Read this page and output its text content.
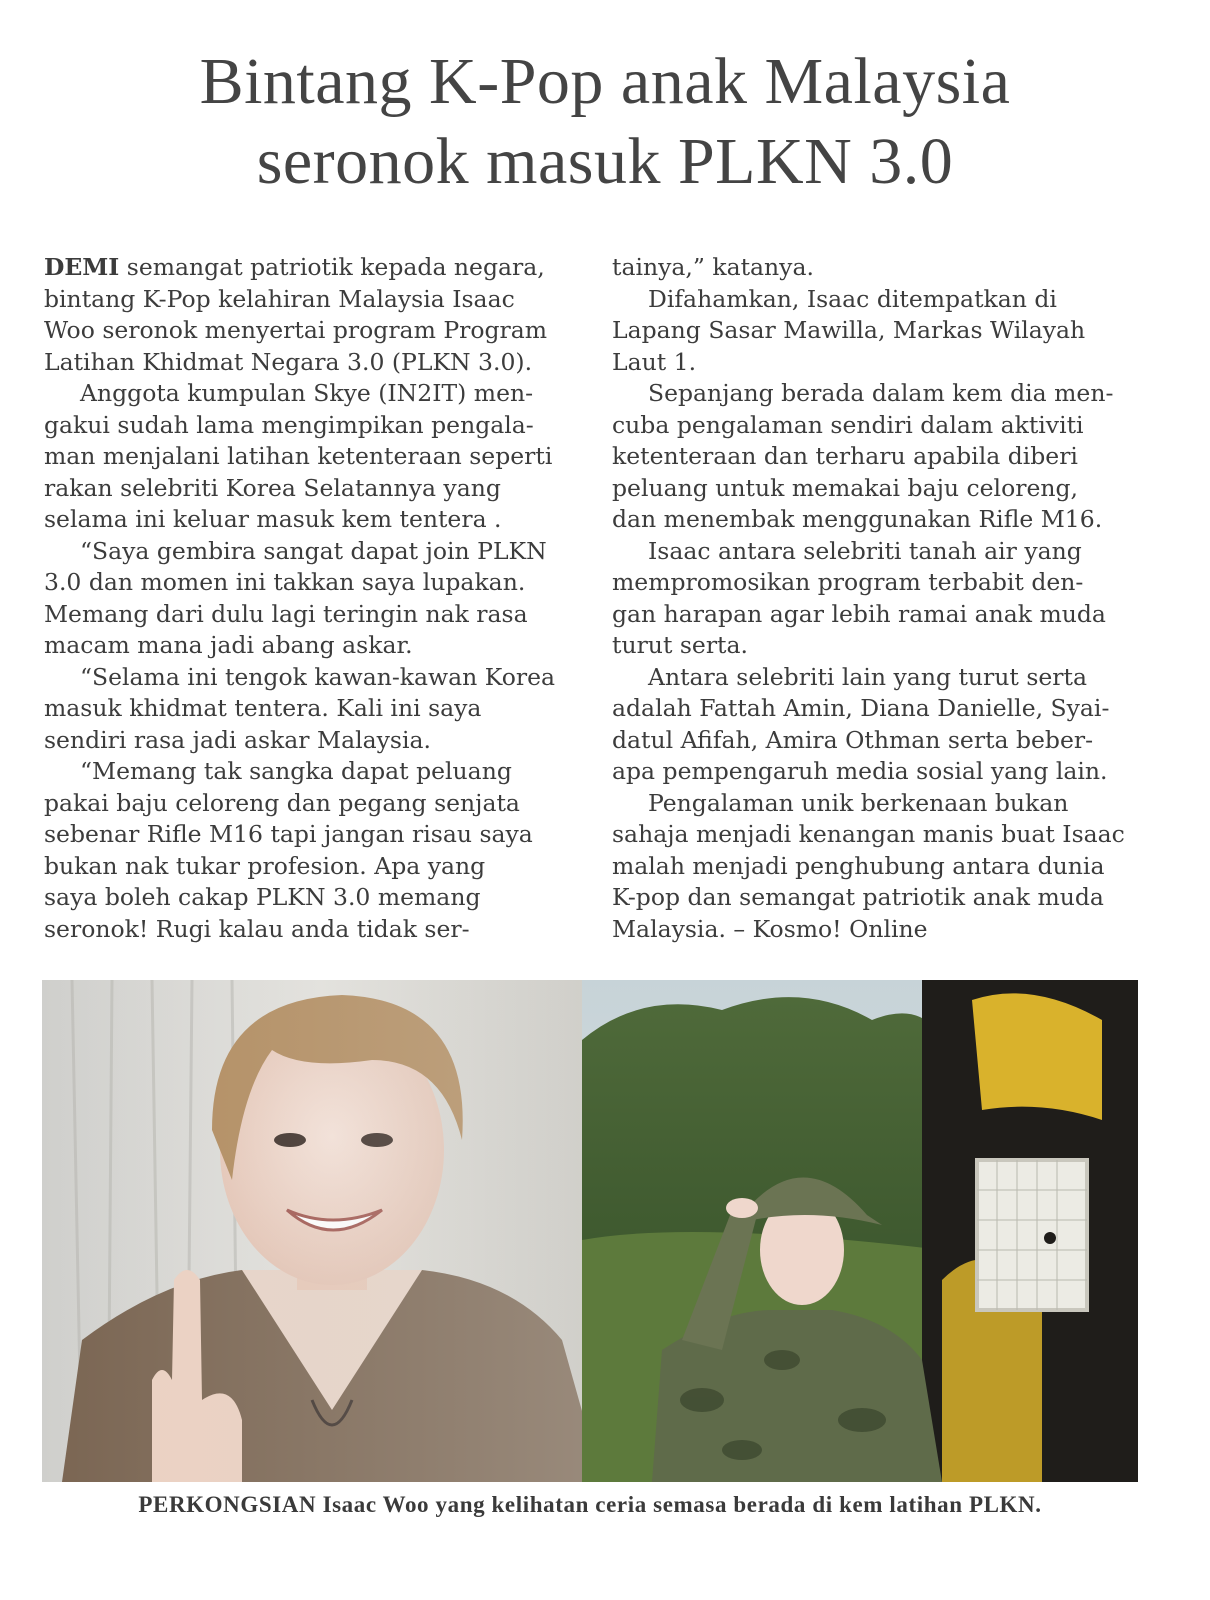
Bintang K-Pop anak Malaysia
seronok masuk PLKN 3.0
DEMI semangat patriotik kepada negara,
bintang K-Pop kelahiran Malaysia Isaac
Woo seronok menyertai program Program
Latihan Khidmat Negara 3.0 (PLKN 3.0).
Anggota kumpulan Skye (IN2IT) men-
gakui sudah lama mengimpikan pengala-
man menjalani latihan ketenteraan seperti
rakan selebriti Korea Selatannya yang
selama ini keluar masuk kem tentera .
“Saya gembira sangat dapat join PLKN
3.0 dan momen ini takkan saya lupakan.
Memang dari dulu lagi teringin nak rasa
macam mana jadi abang askar.
“Selama ini tengok kawan-kawan Korea
masuk khidmat tentera. Kali ini saya
sendiri rasa jadi askar Malaysia.
“Memang tak sangka dapat peluang
pakai baju celoreng dan pegang senjata
sebenar Rifle M16 tapi jangan risau saya
bukan nak tukar profesion. Apa yang
saya boleh cakap PLKN 3.0 memang
seronok! Rugi kalau anda tidak ser-
tainya,” katanya.
Difahamkan, Isaac ditempatkan di
Lapang Sasar Mawilla, Markas Wilayah
Laut 1.
Sepanjang berada dalam kem dia men-
cuba pengalaman sendiri dalam aktiviti
ketenteraan dan terharu apabila diberi
peluang untuk memakai baju celoreng,
dan menembak menggunakan Rifle M16.
Isaac antara selebriti tanah air yang
mempromosikan program terbabit den-
gan harapan agar lebih ramai anak muda
turut serta.
Antara selebriti lain yang turut serta
adalah Fattah Amin, Diana Danielle, Syai-
datul Afifah, Amira Othman serta beber-
apa pempengaruh media sosial yang lain.
Pengalaman unik berkenaan bukan
sahaja menjadi kenangan manis buat Isaac
malah menjadi penghubung antara dunia
K-pop dan semangat patriotik anak muda
Malaysia. – Kosmo! Online
PERKONGSIAN Isaac Woo yang kelihatan ceria semasa berada di kem latihan PLKN.
